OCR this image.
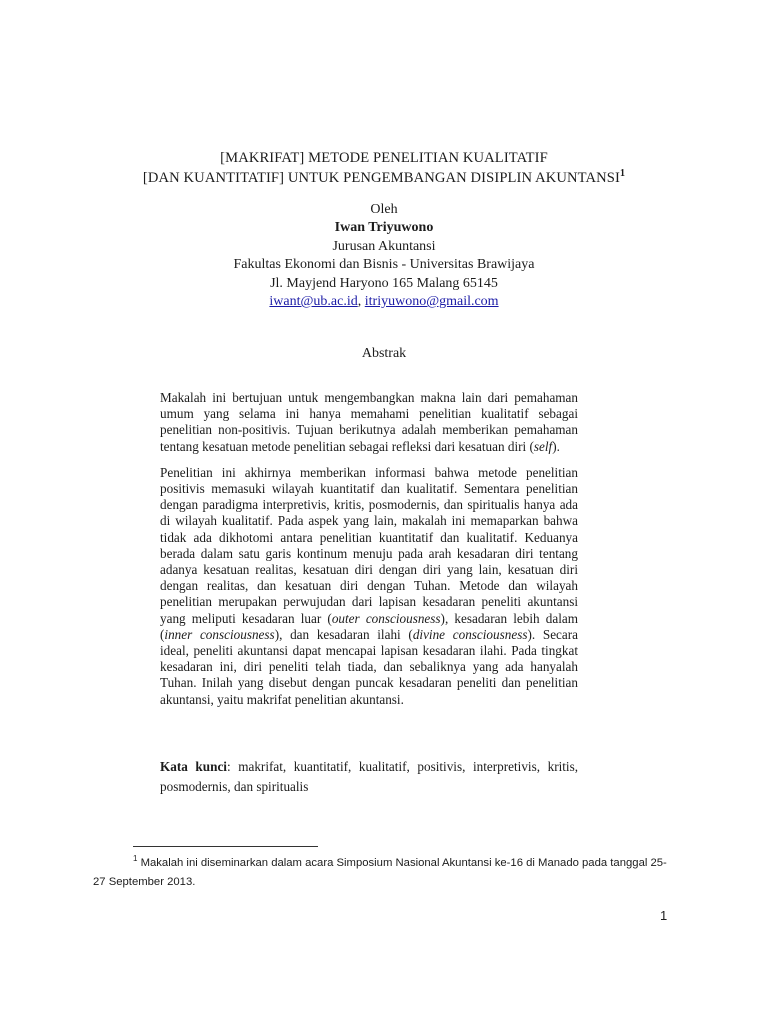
[MAKRIFAT] METODE PENELITIAN KUALITATIF
[DAN KUANTITATIF] UNTUK PENGEMBANGAN DISIPLIN AKUNTANSI$^1$
Oleh
Iwan Triyuwono
Jurusan Akuntansi
Fakultas Ekonomi dan Bisnis - Universitas Brawijaya
Jl. Mayjend Haryono 165 Malang 65145
iwant@ub.ac.id, itriyuwono@gmail.com
Abstrak

Makalah ini bertujuan untuk mengembangkan makna lain dari pemahaman umum yang selama ini hanya memahami penelitian kualitatif sebagai penelitian non-positivis. Tujuan berikutnya adalah memberikan pemahaman tentang kesatuan metode penelitian sebagai refleksi dari kesatuan diri (self).

Penelitian ini akhirnya memberikan informasi bahwa metode penelitian positivis memasuki wilayah kuantitatif dan kualitatif. Sementara penelitian dengan paradigma interpretivis, kritis, posmodernis, dan spiritualis hanya ada di wilayah kualitatif. Pada aspek yang lain, makalah ini memaparkan bahwa tidak ada dikhotomi antara penelitian kuantitatif dan kualitatif. Keduanya berada dalam satu garis kontinum menuju pada arah kesadaran diri tentang adanya kesatuan realitas, kesatuan diri dengan diri yang lain, kesatuan diri dengan realitas, dan kesatuan diri dengan Tuhan. Metode dan wilayah penelitian merupakan perwujudan dari lapisan kesadaran peneliti akuntansi yang meliputi kesadaran luar (outer consciousness), kesadaran lebih dalam (inner consciousness), dan kesadaran ilahi (divine consciousness). Secara ideal, peneliti akuntansi dapat mencapai lapisan kesadaran ilahi. Pada tingkat kesadaran ini, diri peneliti telah tiada, dan sebaliknya yang ada hanyalah Tuhan. Inilah yang disebut dengan puncak kesadaran peneliti dan penelitian akuntansi, yaitu makrifat penelitian akuntansi.

Kata kunci: makrifat, kuantitatif, kualitatif, positivis, interpretivis, kritis, posmodernis, dan spiritualis
$^1$ Makalah ini diseminarkan dalam acara Simposium Nasional Akuntansi ke-16 di Manado pada tanggal 25-
27 September 2013.
1
